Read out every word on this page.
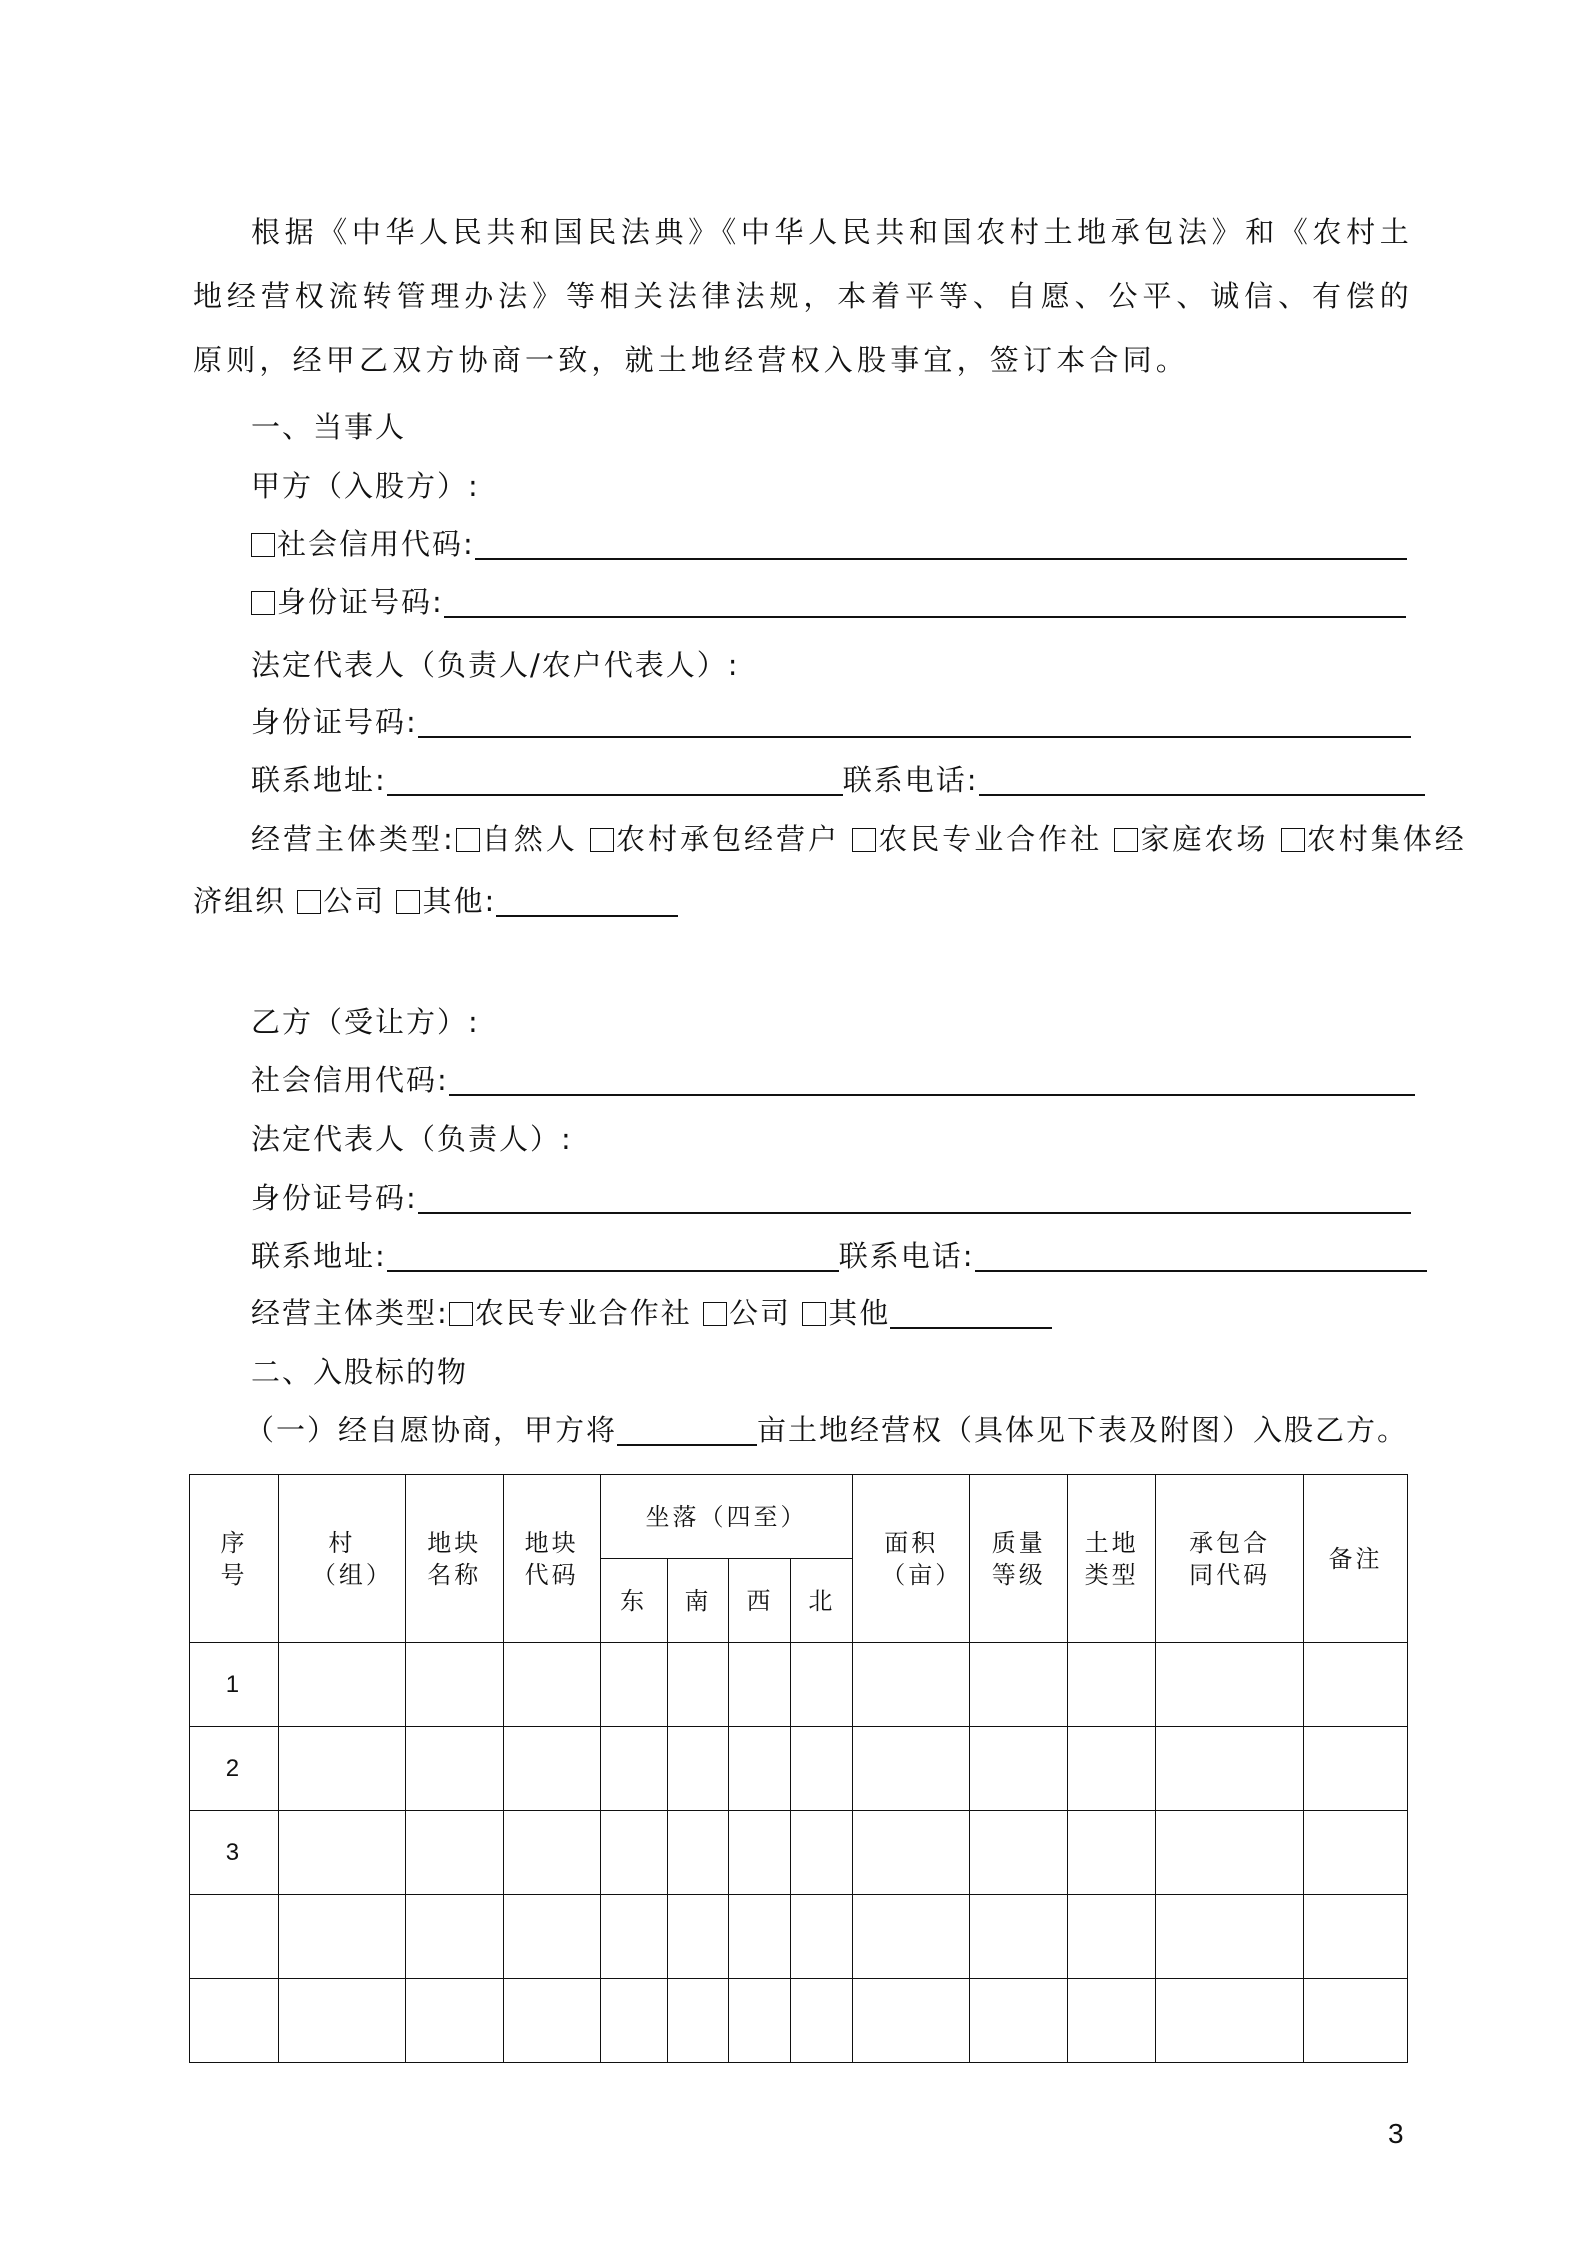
根据《中华人民共和国民法典》《中华人民共和国农村土地承包法》和《农村土地经营权流转管理办法》等相关法律法规，本着平等、自愿、公平、诚信、有偿的原则，经甲乙双方协商一致，就土地经营权入股事宜，签订本合同。
一、当事人
甲方（入股方）:
社会信用代码:
身份证号码:
法定代表人（负责人/农户代表人）:
身份证号码:
联系地址:	联系电话:
经营主体类型: 自然人 农村承包经营户 农民专业合作社 家庭农场 农村集体经
济组织 公司 其他:
乙方（受让方）:
社会信用代码:
法定代表人（负责人）:
身份证号码:
联系地址:	联系电话:
经营主体类型: 农民专业合作社 公司 其他
二、入股标的物
（一）经自愿协商，甲方将	亩土地经营权（具体见下表及附图）入股乙方。
序号	村（组）	地块名称	地块代码	坐落（四至）				面积（亩）	质量等级	土地类型	承包合同代码	备注
				东	南	西	北					
1												
2												
3												

3
